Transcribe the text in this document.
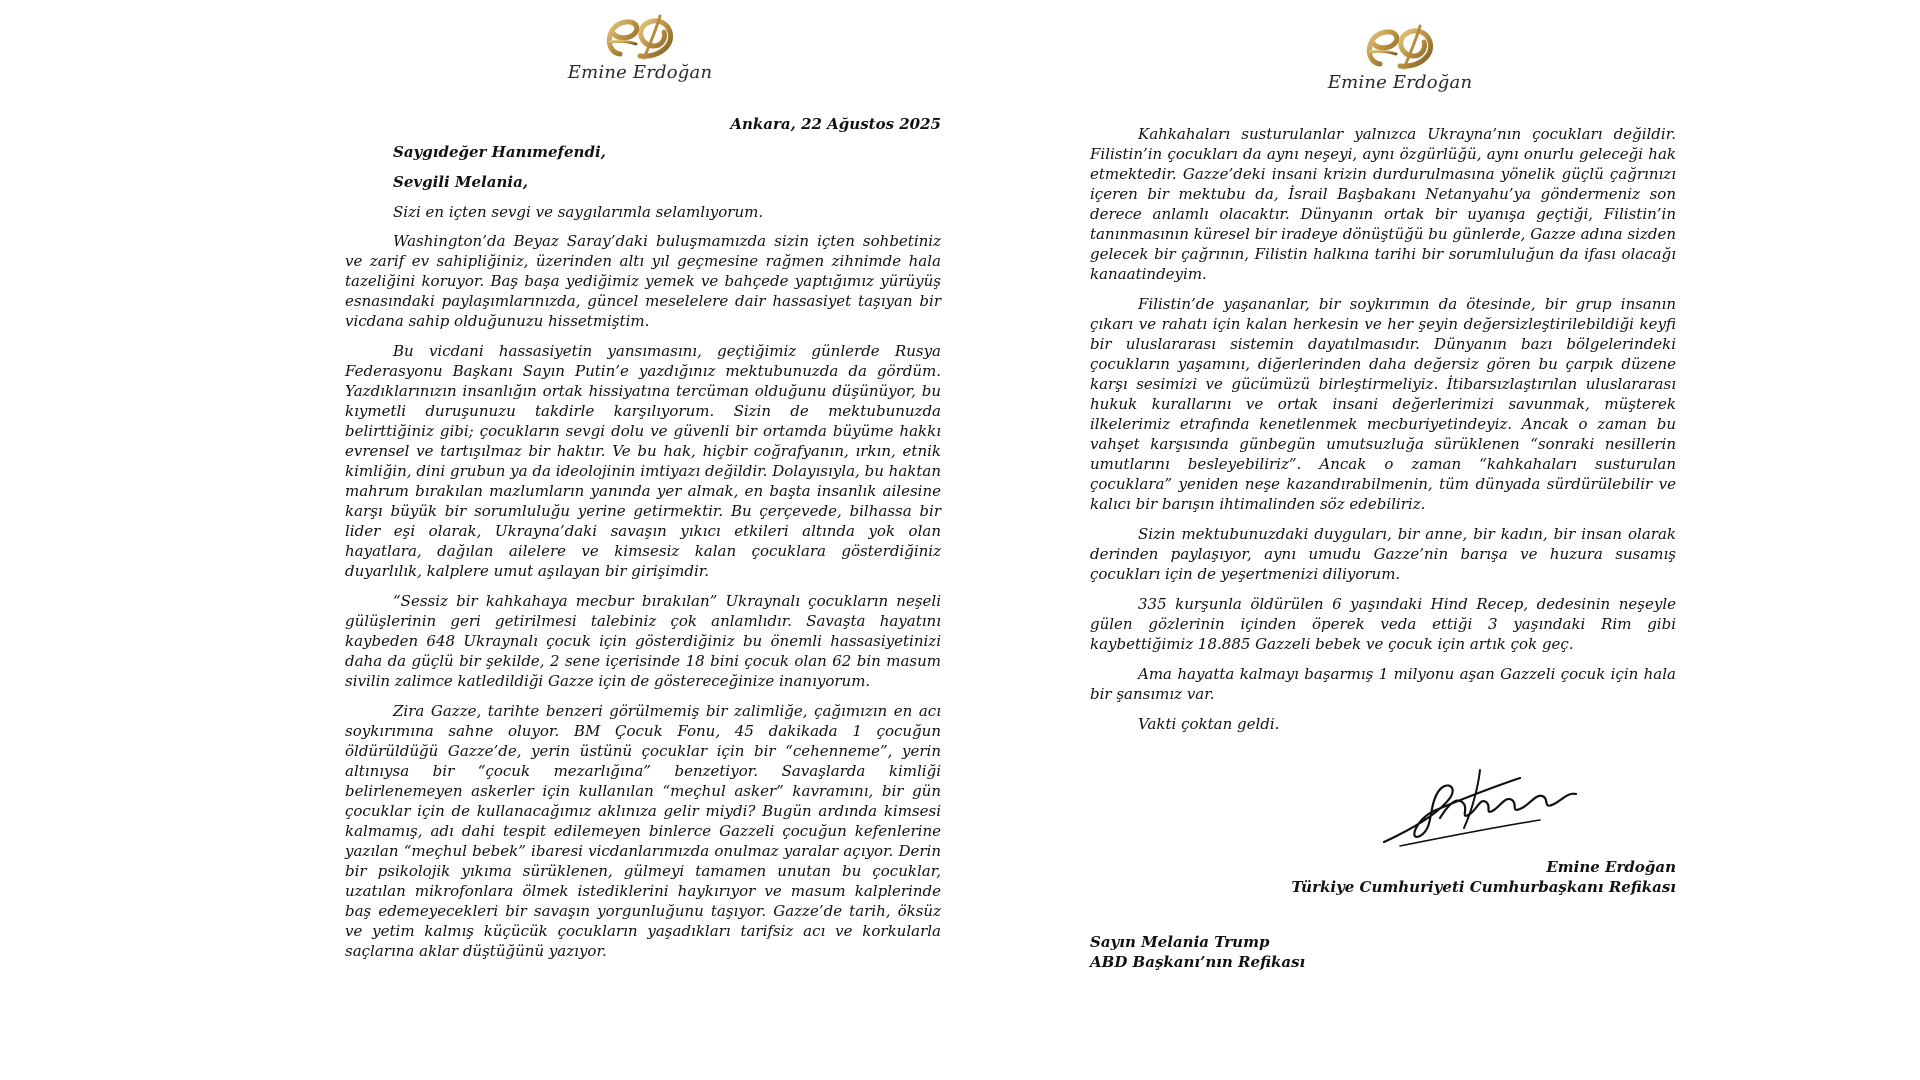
Emine Erdoğan

Ankara, 22 Ağustos 2025

Saygıdeğer Hanımefendi,

Sevgili Melania,

Sizi en içten sevgi ve saygılarımla selamlıyorum.

Washington’da Beyaz Saray’daki buluşmamızda sizin içten sohbetiniz ve zarif ev sahipliğiniz, üzerinden altı yıl geçmesine rağmen zihnimde hala tazeliğini koruyor. Baş başa yediğimiz yemek ve bahçede yaptığımız yürüyüş esnasındaki paylaşımlarınızda, güncel meselelere dair hassasiyet taşıyan bir vicdana sahip olduğunuzu hissetmiştim.

Bu vicdani hassasiyetin yansımasını, geçtiğimiz günlerde Rusya Federasyonu Başkanı Sayın Putin’e yazdığınız mektubunuzda da gördüm. Yazdıklarınızın insanlığın ortak hissiyatına tercüman olduğunu düşünüyor, bu kıymetli duruşunuzu takdirle karşılıyorum. Sizin de mektubunuzda belirttiğiniz gibi; çocukların sevgi dolu ve güvenli bir ortamda büyüme hakkı evrensel ve tartışılmaz bir haktır. Ve bu hak, hiçbir coğrafyanın, ırkın, etnik kimliğin, dini grubun ya da ideolojinin imtiyazı değildir. Dolayısıyla, bu haktan mahrum bırakılan mazlumların yanında yer almak, en başta insanlık ailesine karşı büyük bir sorumluluğu yerine getirmektir. Bu çerçevede, bilhassa bir lider eşi olarak, Ukrayna’daki savaşın yıkıcı etkileri altında yok olan hayatlara, dağılan ailelere ve kimsesiz kalan çocuklara gösterdiğiniz duyarlılık, kalplere umut aşılayan bir girişimdir.

“Sessiz bir kahkahaya mecbur bırakılan” Ukraynalı çocukların neşeli gülüşlerinin geri getirilmesi talebiniz çok anlamlıdır. Savaşta hayatını kaybeden 648 Ukraynalı çocuk için gösterdiğiniz bu önemli hassasiyetinizi daha da güçlü bir şekilde, 2 sene içerisinde 18 bini çocuk olan 62 bin masum sivilin zalimce katledildiği Gazze için de göstereceğinize inanıyorum.

Zira Gazze, tarihte benzeri görülmemiş bir zalimliğe, çağımızın en acı soykırımına sahne oluyor. BM Çocuk Fonu, 45 dakikada 1 çocuğun öldürüldüğü Gazze’de, yerin üstünü çocuklar için bir “cehenneme”, yerin altınıysa bir “çocuk mezarlığına” benzetiyor. Savaşlarda kimliği belirlenemeyen askerler için kullanılan “meçhul asker” kavramını, bir gün çocuklar için de kullanacağımız aklınıza gelir miydi? Bugün ardında kimsesi kalmamış, adı dahi tespit edilemeyen binlerce Gazzeli çocuğun kefenlerine yazılan “meçhul bebek” ibaresi vicdanlarımızda onulmaz yaralar açıyor. Derin bir psikolojik yıkıma sürüklenen, gülmeyi tamamen unutan bu çocuklar, uzatılan mikrofonlara ölmek istediklerini haykırıyor ve masum kalplerinde baş edemeyecekleri bir savaşın yorgunluğunu taşıyor. Gazze’de tarih, öksüz ve yetim kalmış küçücük çocukların yaşadıkları tarifsiz acı ve korkularla saçlarına aklar düştüğünü yazıyor.

Emine Erdoğan

Kahkahaları susturulanlar yalnızca Ukrayna’nın çocukları değildir. Filistin’in çocukları da aynı neşeyi, aynı özgürlüğü, aynı onurlu geleceği hak etmektedir. Gazze’deki insani krizin durdurulmasına yönelik güçlü çağrınızı içeren bir mektubu da, İsrail Başbakanı Netanyahu’ya göndermeniz son derece anlamlı olacaktır. Dünyanın ortak bir uyanışa geçtiği, Filistin’in tanınmasının küresel bir iradeye dönüştüğü bu günlerde, Gazze adına sizden gelecek bir çağrının, Filistin halkına tarihi bir sorumluluğun da ifası olacağı kanaatindeyim.

Filistin’de yaşananlar, bir soykırımın da ötesinde, bir grup insanın çıkarı ve rahatı için kalan herkesin ve her şeyin değersizleştirilebildiği keyfi bir uluslararası sistemin dayatılmasıdır. Dünyanın bazı bölgelerindeki çocukların yaşamını, diğerlerinden daha değersiz gören bu çarpık düzene karşı sesimizi ve gücümüzü birleştirmeliyiz. İtibarsızlaştırılan uluslararası hukuk kurallarını ve ortak insani değerlerimizi savunmak, müşterek ilkelerimiz etrafında kenetlenmek mecburiyetindeyiz. Ancak o zaman bu vahşet karşısında günbegün umutsuzluğa sürüklenen “sonraki nesillerin umutlarını besleyebiliriz”. Ancak o zaman “kahkahaları susturulan çocuklara” yeniden neşe kazandırabilmenin, tüm dünyada sürdürülebilir ve kalıcı bir barışın ihtimalinden söz edebiliriz.

Sizin mektubunuzdaki duyguları, bir anne, bir kadın, bir insan olarak derinden paylaşıyor, aynı umudu Gazze’nin barışa ve huzura susamış çocukları için de yeşertmenizi diliyorum.

335 kurşunla öldürülen 6 yaşındaki Hind Recep, dedesinin neşeyle gülen gözlerinin içinden öperek veda ettiği 3 yaşındaki Rim gibi kaybettiğimiz 18.885 Gazzeli bebek ve çocuk için artık çok geç.

Ama hayatta kalmayı başarmış 1 milyonu aşan Gazzeli çocuk için hala bir şansımız var.

Vakti çoktan geldi.

Emine Erdoğan
Türkiye Cumhuriyeti Cumhurbaşkanı Refikası
Sayın Melania Trump
ABD Başkanı’nın Refikası
